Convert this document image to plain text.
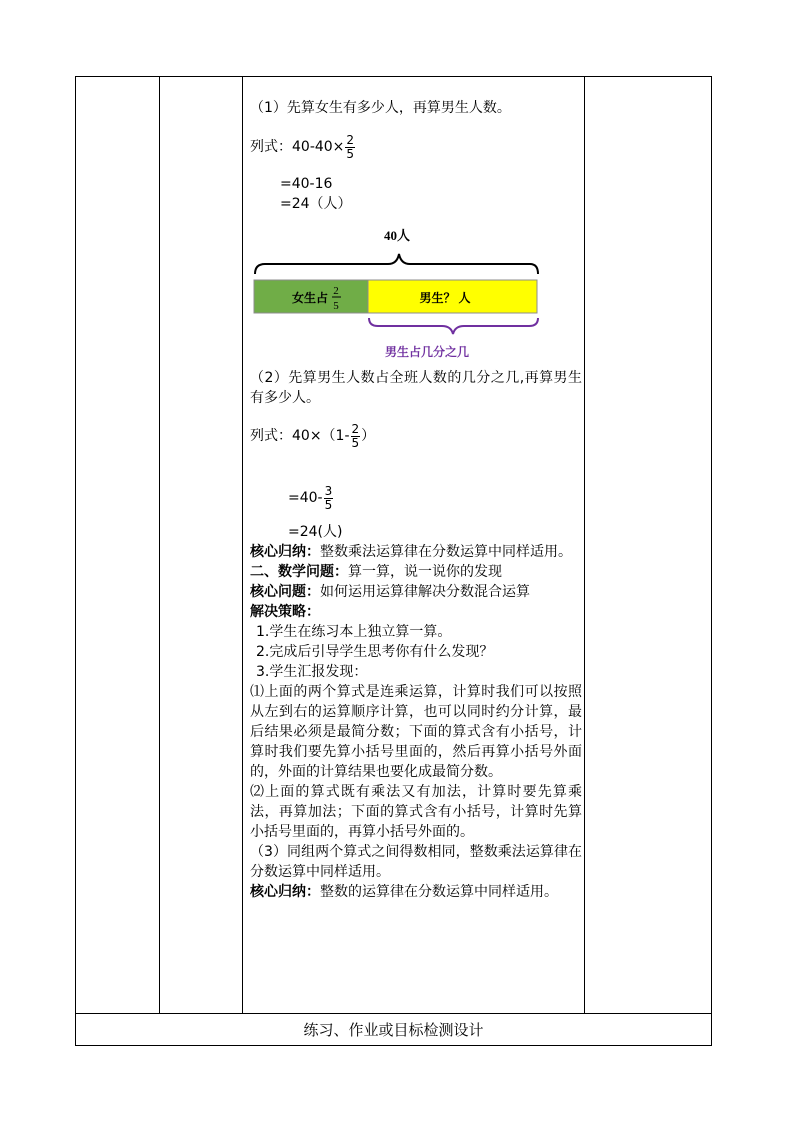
（1）先算女生有多少人，再算男生人数。
列式：$40-40\times \frac{2}{5}$
=40-16
=24（人）
40人
女生占 2
5
男生？ 人
男生占几分之几
（2）先算男生人数占全班人数的几分之几,再算男生有多少人。
列式：$40\times(1- \frac{2}{5}$ ）
$=40- \frac{3}{5}$
=24(人)
核心归纳：整数乘法运算律在分数运算中同样适用。
二、数学问题：算一算，说一说你的发现
核心问题：如何运用运算律解决分数混合运算
解决策略：
1.学生在练习本上独立算一算。
2.完成后引导学生思考你有什么发现？
3.学生汇报发现：
⑴上面的两个算式是连乘运算，计算时我们可以按照从左到右的运算顺序计算，也可以同时约分计算，最后结果必须是最简分数；下面的算式含有小括号，计算时我们要先算小括号里面的，然后再算小括号外面的，外面的计算结果也要化成最简分数。
⑵上面的算式既有乘法又有加法，计算时要先算乘法，再算加法；下面的算式含有小括号，计算时先算小括号里面的，再算小括号外面的。
（3）同组两个算式之间得数相同，整数乘法运算律在分数运算中同样适用。
核心归纳：整数的运算律在分数运算中同样适用。
练习、作业或目标检测设计
